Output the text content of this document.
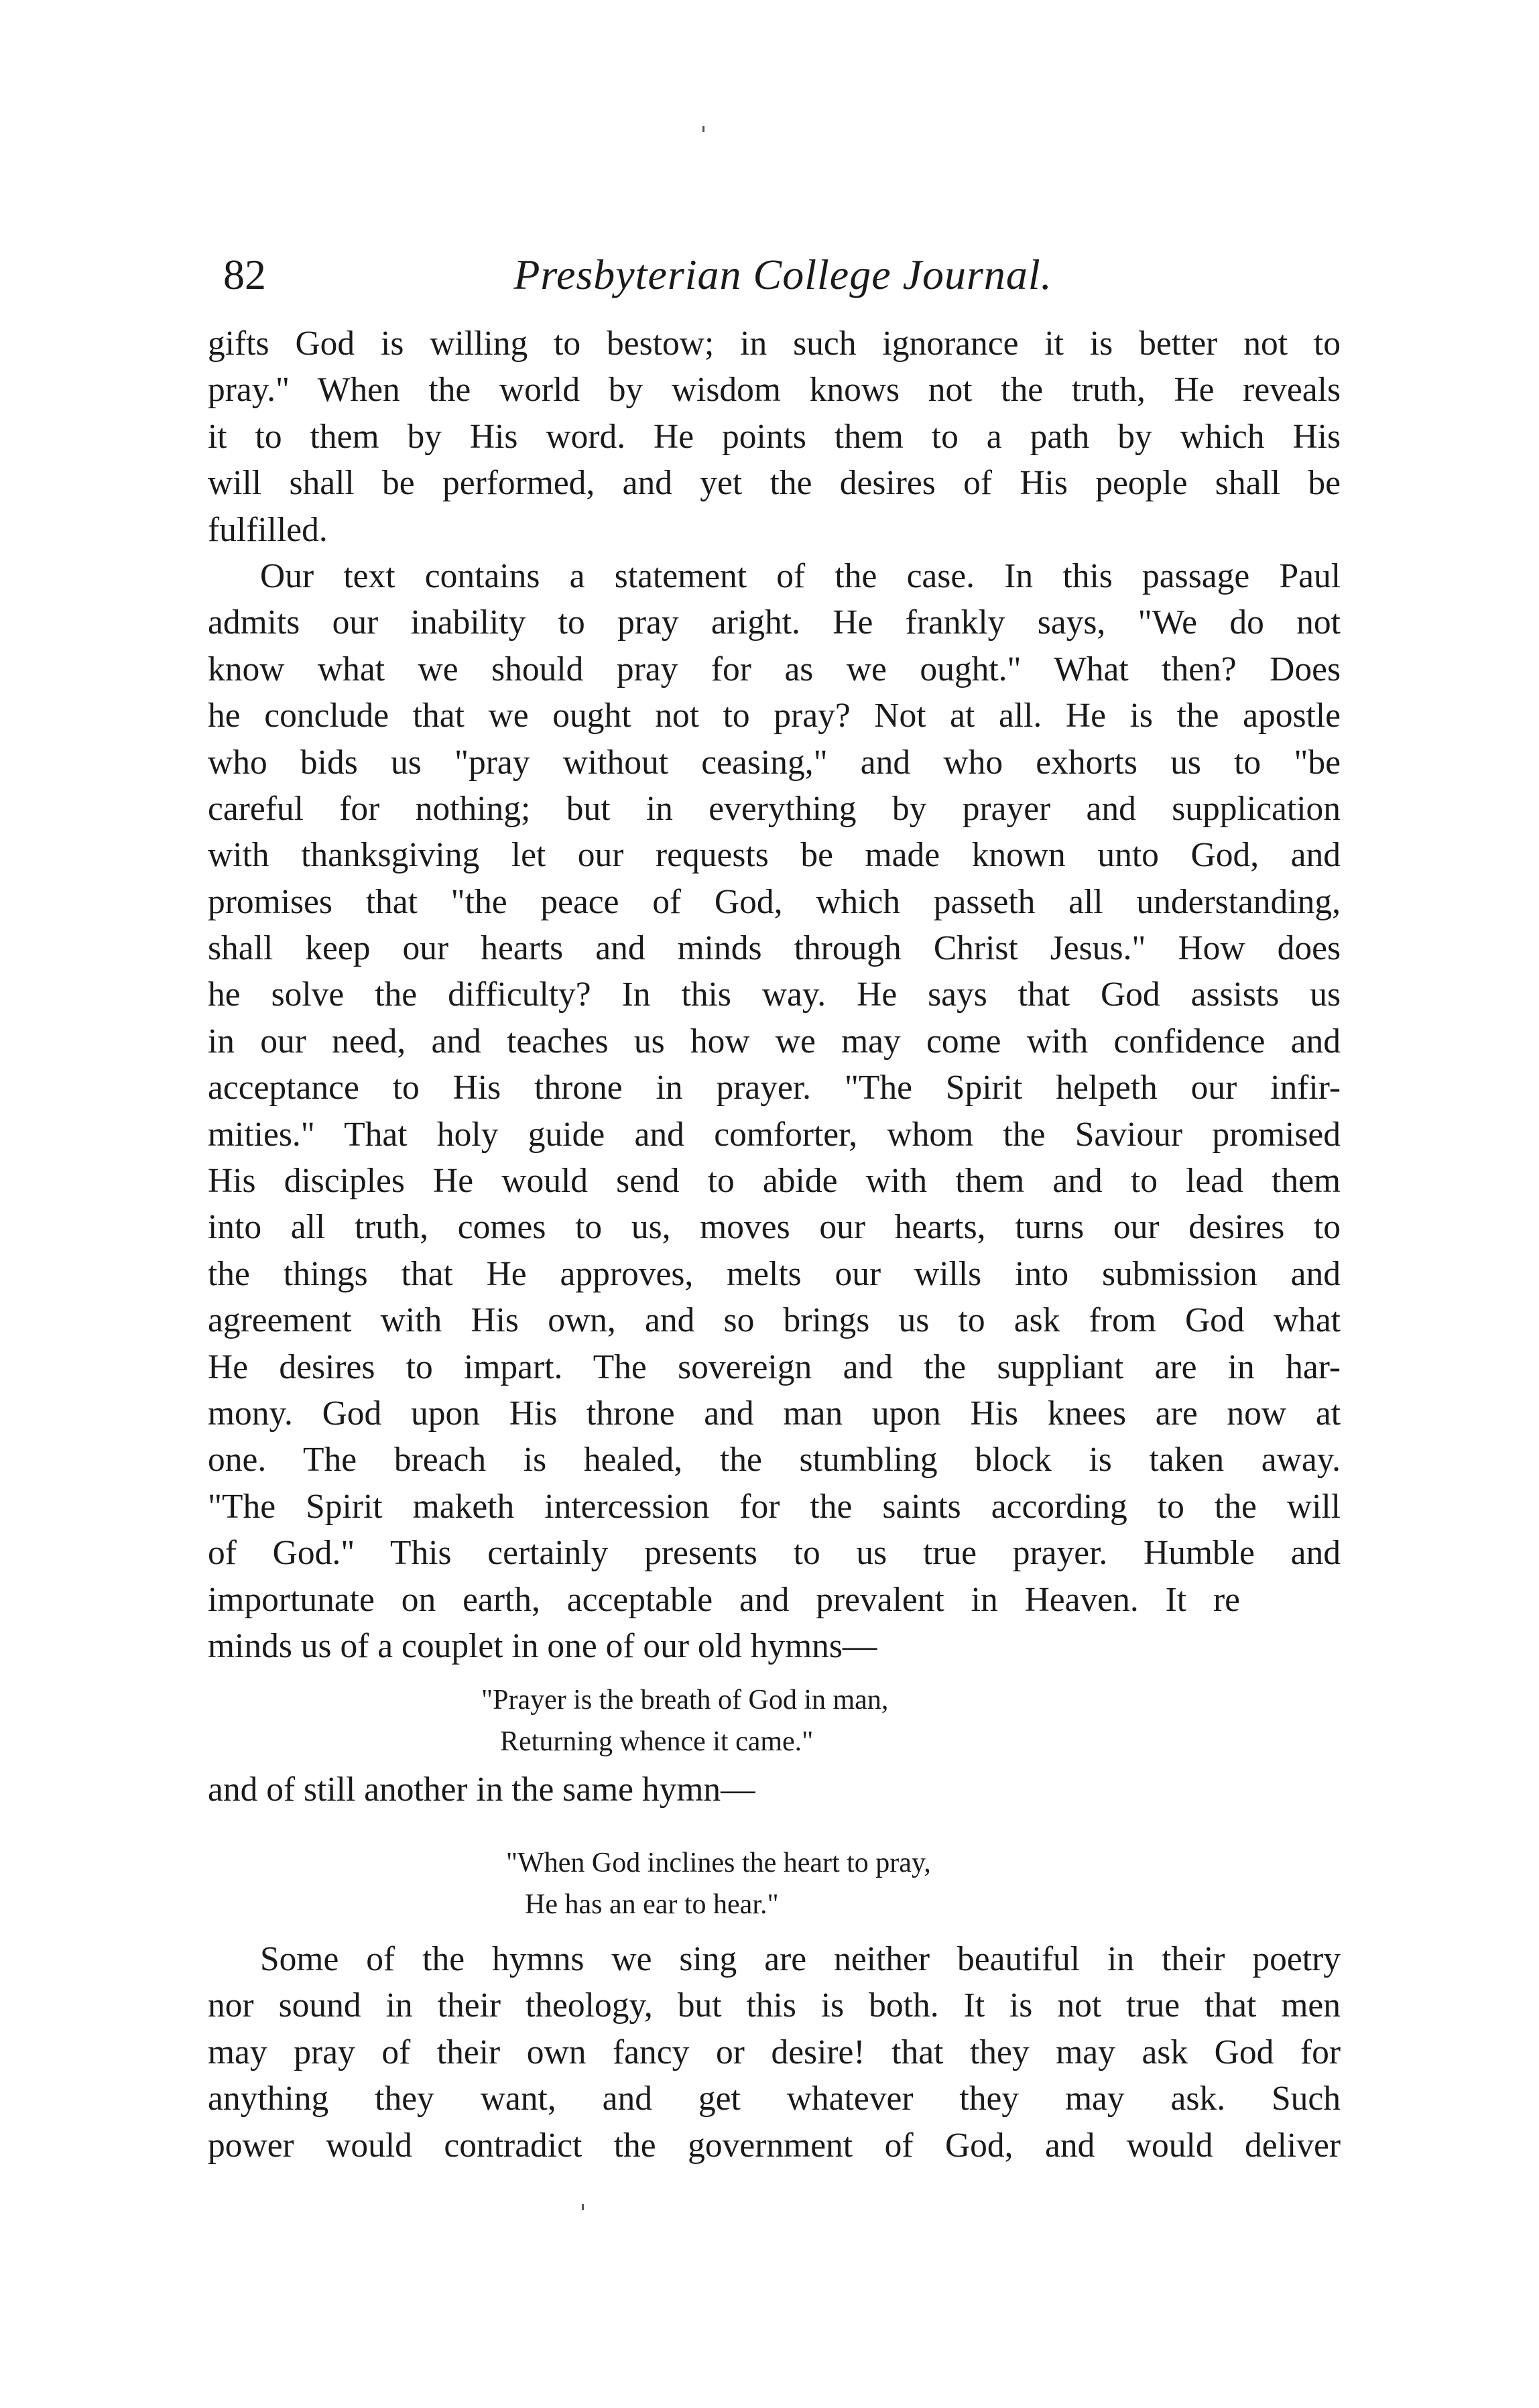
82	Presbyterian College Journal.
gifts God is willing to bestow; in such ignorance it is better not to
pray." When the world by wisdom knows not the truth, He reveals
it to them by His word. He points them to a path by which His
will shall be performed, and yet the desires of His people shall be
fulfilled.
Our text contains a statement of the case. In this passage Paul
admits our inability to pray aright. He frankly says, "We do not
know what we should pray for as we ought." What then? Does
he conclude that we ought not to pray? Not at all. He is the apostle
who bids us "pray without ceasing," and who exhorts us to "be
careful for nothing; but in everything by prayer and supplication
with thanksgiving let our requests be made known unto God, and
promises that "the peace of God, which passeth all understanding,
shall keep our hearts and minds through Christ Jesus." How does
he solve the difficulty? In this way. He says that God assists us
in our need, and teaches us how we may come with confidence and
acceptance to His throne in prayer. "The Spirit helpeth our infir-
mities." That holy guide and comforter, whom the Saviour promised
His disciples He would send to abide with them and to lead them
into all truth, comes to us, moves our hearts, turns our desires to
the things that He approves, melts our wills into submission and
agreement with His own, and so brings us to ask from God what
He desires to impart. The sovereign and the suppliant are in har-
mony. God upon His throne and man upon His knees are now at
one. The breach is healed, the stumbling block is taken away.
"The Spirit maketh intercession for the saints according to the will
of God." This certainly presents to us true prayer. Humble and
importunate on earth, acceptable and prevalent in Heaven. It re
minds us of a couplet in one of our old hymns—
"Prayer is the breath of God in man,
Returning whence it came."
and of still another in the same hymn—
"When God inclines the heart to pray,
He has an ear to hear."
Some of the hymns we sing are neither beautiful in their poetry
nor sound in their theology, but this is both. It is not true that men
may pray of their own fancy or desire! that they may ask God for
anything they want, and get whatever they may ask. Such
power would contradict the government of God, and would deliver
